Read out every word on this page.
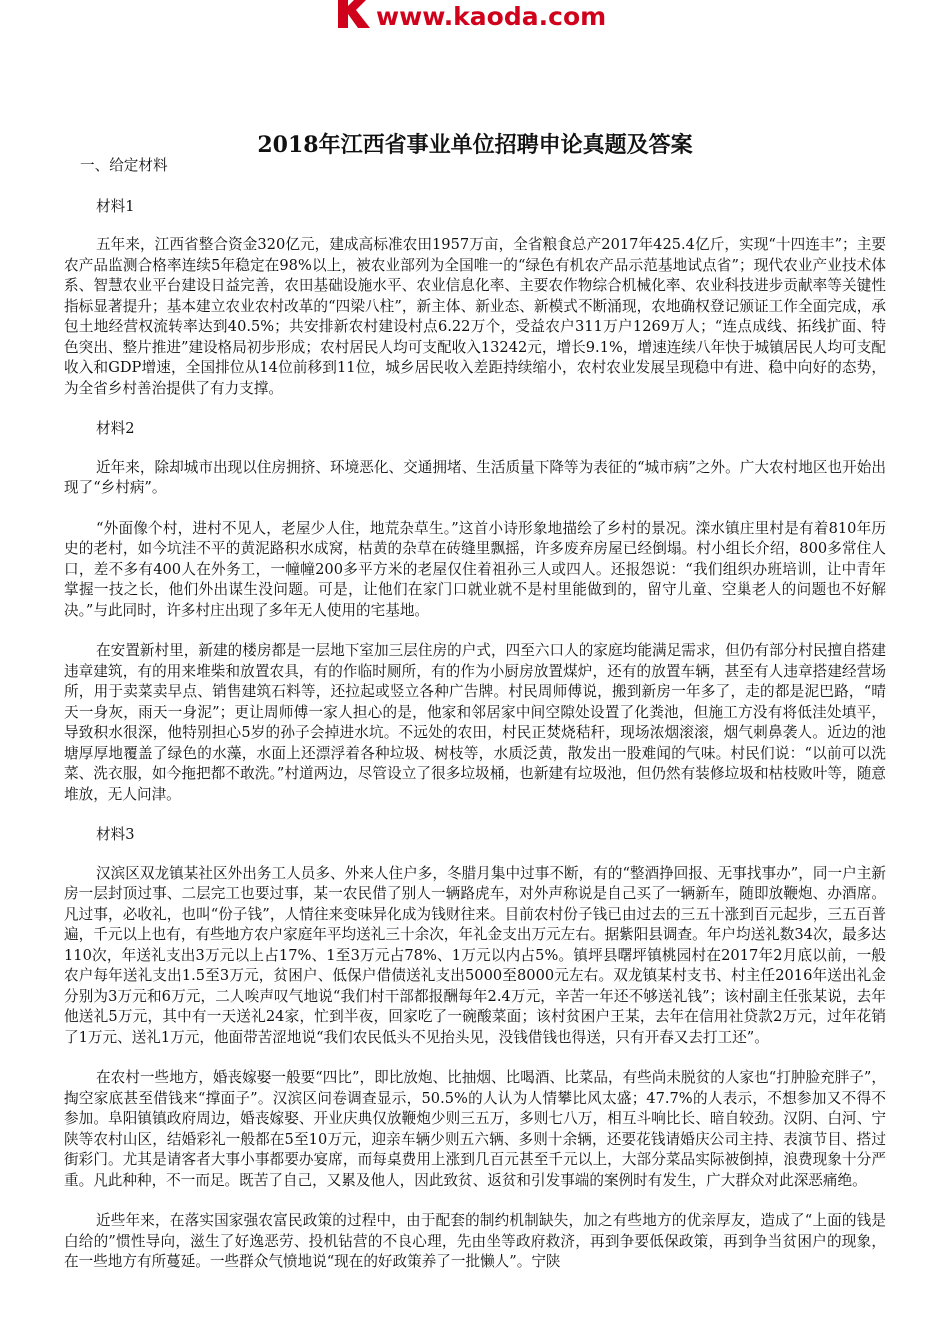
www.kaoda.com
2018年江西省事业单位招聘申论真题及答案
一、给定材料
材料1

五年来，江西省整合资金320亿元，建成高标准农田1957万亩，全省粮食总产2017年425.4亿斤，实现“十四连丰”；主要农产品监测合格率连续5年稳定在98%以上，被农业部列为全国唯一的“绿色有机农产品示范基地试点省”；现代农业产业技术体系、智慧农业平台建设日益完善，农田基础设施水平、农业信息化率、主要农作物综合机械化率、农业科技进步贡献率等关键性指标显著提升；基本建立农业农村改革的“四梁八柱”，新主体、新业态、新模式不断涌现，农地确权登记颁证工作全面完成，承包土地经营权流转率达到40.5%；共安排新农村建设村点6.22万个，受益农户311万户1269万人；“连点成线、拓线扩面、特色突出、整片推进”建设格局初步形成；农村居民人均可支配收入13242元，增长9.1%，增速连续八年快于城镇居民人均可支配收入和GDP增速，全国排位从14位前移到11位，城乡居民收入差距持续缩小，农村农业发展呈现稳中有进、稳中向好的态势，为全省乡村善治提供了有力支撑。

材料2

近年来，除却城市出现以住房拥挤、环境恶化、交通拥堵、生活质量下降等为表征的“城市病”之外。广大农村地区也开始出现了“乡村病”。

“外面像个村，进村不见人，老屋少人住，地荒杂草生。”这首小诗形象地描绘了乡村的景况。滦水镇庄里村是有着810年历史的老村，如今坑洼不平的黄泥路积水成窝，枯黄的杂草在砖缝里飘摇，许多废弃房屋已经倒塌。村小组长介绍，800多常住人口，差不多有400人在外务工，一幢幢200多平方米的老屋仅住着祖孙三人或四人。还报怨说：“我们组织办班培训，让中青年掌握一技之长，他们外出谋生没问题。可是，让他们在家门口就业就不是村里能做到的，留守儿童、空巢老人的问题也不好解决。”与此同时，许多村庄出现了多年无人使用的宅基地。

在安置新村里，新建的楼房都是一层地下室加三层住房的户式，四至六口人的家庭均能满足需求，但仍有部分村民擅自搭建违章建筑，有的用来堆柴和放置农具，有的作临时厕所，有的作为小厨房放置煤炉，还有的放置车辆，甚至有人违章搭建经营场所，用于卖菜卖早点、销售建筑石料等，还拉起或竖立各种广告牌。村民周师傅说，搬到新房一年多了，走的都是泥巴路，“晴天一身灰，雨天一身泥”；更让周师傅一家人担心的是，他家和邻居家中间空隙处设置了化粪池，但施工方没有将低洼处填平，导致积水很深，他特别担心5岁的孙子会掉进水坑。不远处的农田，村民正焚烧秸秆，现场浓烟滚滚，烟气刺鼻袭人。近边的池塘厚厚地覆盖了绿色的水藻，水面上还漂浮着各种垃圾、树枝等，水质泛黄，散发出一股难闻的气味。村民们说：“以前可以洗菜、洗衣服，如今拖把都不敢洗。”村道两边，尽管设立了很多垃圾桶，也新建有垃圾池，但仍然有装修垃圾和枯枝败叶等，随意堆放，无人问津。

材料3

汉滨区双龙镇某社区外出务工人员多、外来人住户多，冬腊月集中过事不断，有的“整酒挣回报、无事找事办”，同一户主新房一层封顶过事、二层完工也要过事，某一农民借了别人一辆路虎车，对外声称说是自己买了一辆新车，随即放鞭炮、办酒席。凡过事，必收礼，也叫“份子钱”，人情往来变味异化成为钱财往来。目前农村份子钱已由过去的三五十涨到百元起步，三五百普遍，千元以上也有，有些地方农户家庭年平均送礼三十余次，年礼金支出万元左右。据紫阳县调查。年户均送礼数34次，最多达110次，年送礼支出3万元以上占17%、1至3万元占78%、1万元以内占5%。镇坪县曙坪镇桃园村在2017年2月底以前，一般农户每年送礼支出1.5至3万元，贫困户、低保户借债送礼支出5000至8000元左右。双龙镇某村支书、村主任2016年送出礼金分别为3万元和6万元，二人唉声叹气地说“我们村干部都报酬每年2.4万元，辛苦一年还不够送礼钱”；该村副主任张某说，去年他送礼5万元，其中有一天送礼24家，忙到半夜，回家吃了一碗酸菜面；该村贫困户王某，去年在信用社贷款2万元，过年花销了1万元、送礼1万元，他面带苦涩地说“我们农民低头不见抬头见，没钱借钱也得送，只有开春又去打工还”。

在农村一些地方，婚丧嫁娶一般要“四比”，即比放炮、比抽烟、比喝酒、比菜品，有些尚未脱贫的人家也“打肿脸充胖子”，掏空家底甚至借钱来“撑面子”。汉滨区问卷调查显示，50.5%的人认为人情攀比风太盛；47.7%的人表示，不想参加又不得不参加。阜阳镇镇政府周边，婚丧嫁娶、开业庆典仅放鞭炮少则三五万，多则七八万，相互斗响比长、暗自较劲。汉阴、白河、宁陕等农村山区，结婚彩礼一般都在5至10万元，迎亲车辆少则五六辆、多则十余辆，还要花钱请婚庆公司主持、表演节目、搭过街彩门。尤其是请客者大事小事都要办宴席，而每桌费用上涨到几百元甚至千元以上，大部分菜品实际被倒掉，浪费现象十分严重。凡此种种，不一而足。既苦了自己，又累及他人，因此致贫、返贫和引发事端的案例时有发生，广大群众对此深恶痛绝。

近些年来，在落实国家强农富民政策的过程中，由于配套的制约机制缺失，加之有些地方的优亲厚友，造成了“上面的钱是白给的”惯性导向，滋生了好逸恶劳、投机钻营的不良心理，先由坐等政府救济，再到争要低保政策，再到争当贫困户的现象，在一些地方有所蔓延。一些群众气愤地说“现在的好政策养了一批懒人”。宁陕
